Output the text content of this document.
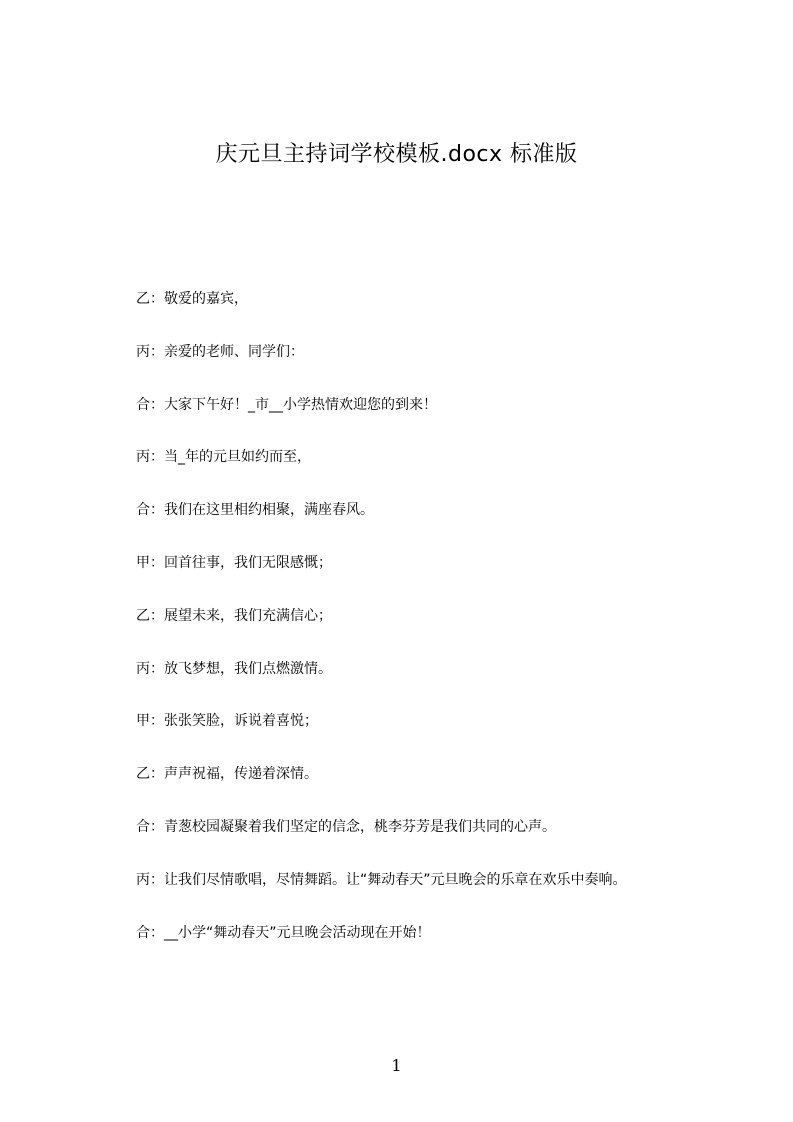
庆元旦主持词学校模板.docx 标准版
乙：敬爱的嘉宾，
丙：亲爱的老师、同学们：
合：大家下午好！_市__小学热情欢迎您的到来！
丙：当_年的元旦如约而至，
合：我们在这里相约相聚，满座春风。
甲：回首往事，我们无限感慨；
乙：展望未来，我们充满信心；
丙：放飞梦想，我们点燃激情。
甲：张张笑脸，诉说着喜悦；
乙：声声祝福，传递着深情。
合：青葱校园凝聚着我们坚定的信念，桃李芬芳是我们共同的心声。
丙：让我们尽情歌唱，尽情舞蹈。让“舞动春天”元旦晚会的乐章在欢乐中奏响。
合：__小学“舞动春天”元旦晚会活动现在开始！
1
